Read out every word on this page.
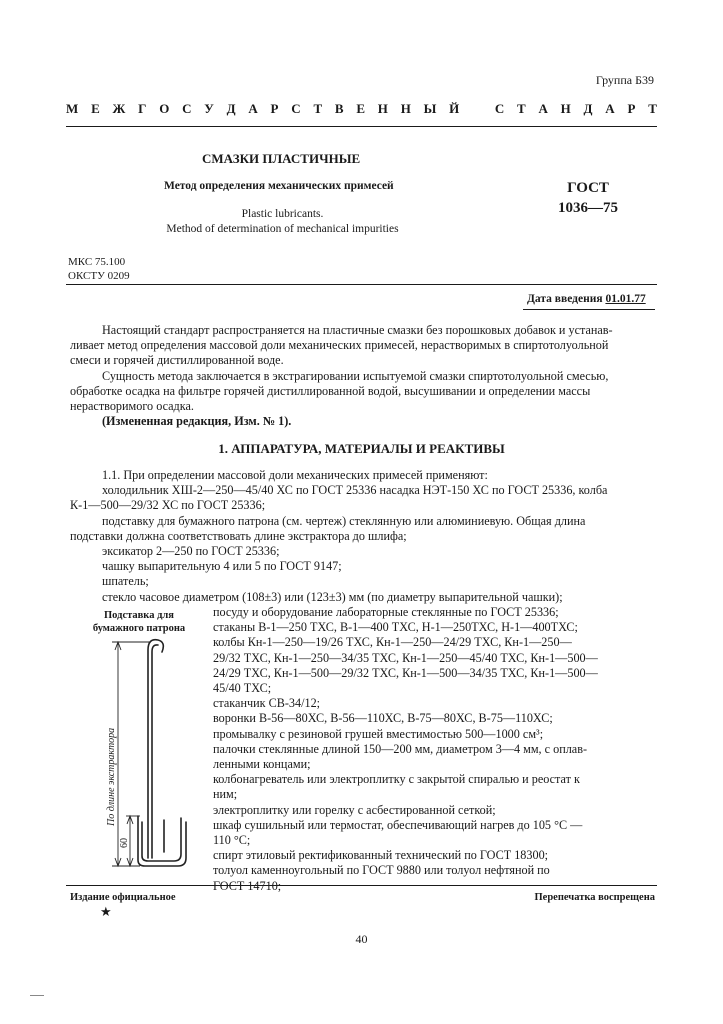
Группа Б39
М Е Ж Г О С У Д А Р С Т В Е Н Н Ы Й	С Т А Н Д А Р Т
СМАЗКИ ПЛАСТИЧНЫЕ
Метод определения механических примесей
Plastic lubricants.
Method of determination of mechanical impurities
ГОСТ
1036—75
МКС 75.100
ОКСТУ 0209
Дата введения 01.01.77
Настоящий стандарт распространяется на пластичные смазки без порошковых добавок и устанав-
ливает метод определения массовой доли механических примесей, нерастворимых в спиртотолуольной
смеси и горячей дистиллированной воде.
Сущность метода заключается в экстрагировании испытуемой смазки спиртотолуольной смесью,
обработке осадка на фильтре горячей дистиллированной водой, высушивании и определении массы
нерастворимого осадка.
(Измененная редакция, Изм. № 1).
1. АППАРАТУРА, МАТЕРИАЛЫ И РЕАКТИВЫ
1.1. При определении массовой доли механических примесей применяют:
холодильник ХШ-2—250—45/40 ХС по ГОСТ 25336 насадка НЭТ-150 ХС по ГОСТ 25336, колба
К-1—500—29/32 ХС по ГОСТ 25336;
подставку для бумажного патрона (см. чертеж) стеклянную или алюминиевую. Общая длина
подставки должна соответствовать длине экстрактора до шлифа;
эксикатор 2—250 по ГОСТ 25336;
чашку выпарительную 4 или 5 по ГОСТ 9147;
шпатель;
стекло часовое диаметром (108±3) или (123±3) мм (по диаметру выпарительной чашки);
Подставка для
бумажного патрона
По длине экстрактора
60
посуду и оборудование лабораторные стеклянные по ГОСТ 25336;
стаканы В-1—250 ТХС, В-1—400 ТХС, Н-1—250ТХС, Н-1—400ТХС;
колбы Кн-1—250—19/26 ТХС, Кн-1—250—24/29 ТХС, Кн-1—250—
29/32 ТХС, Кн-1—250—34/35 ТХС, Кн-1—250—45/40 ТХС, Кн-1—500—
24/29 ТХС, Кн-1—500—29/32 ТХС, Кн-1—500—34/35 ТХС, Кн-1—500—
45/40 ТХС;
стаканчик СВ-34/12;
воронки В-56—80ХС, В-56—110ХС, В-75—80ХС, В-75—110ХС;
промывалку с резиновой грушей вместимостью 500—1000 см³;
палочки стеклянные длиной 150—200 мм, диаметром 3—4 мм, с оплав-
ленными концами;
колбонагреватель или электроплитку с закрытой спиралью и реостат к
ним;
электроплитку или горелку с асбестированной сеткой;
шкаф сушильный или термостат, обеспечивающий нагрев до 105 °С —
110 °С;
спирт этиловый ректификованный технический по ГОСТ 18300;
толуол каменноугольный по ГОСТ 9880 или толуол нефтяной по
ГОСТ 14710;
Издание официальное	Перепечатка воспрещена
★
40
